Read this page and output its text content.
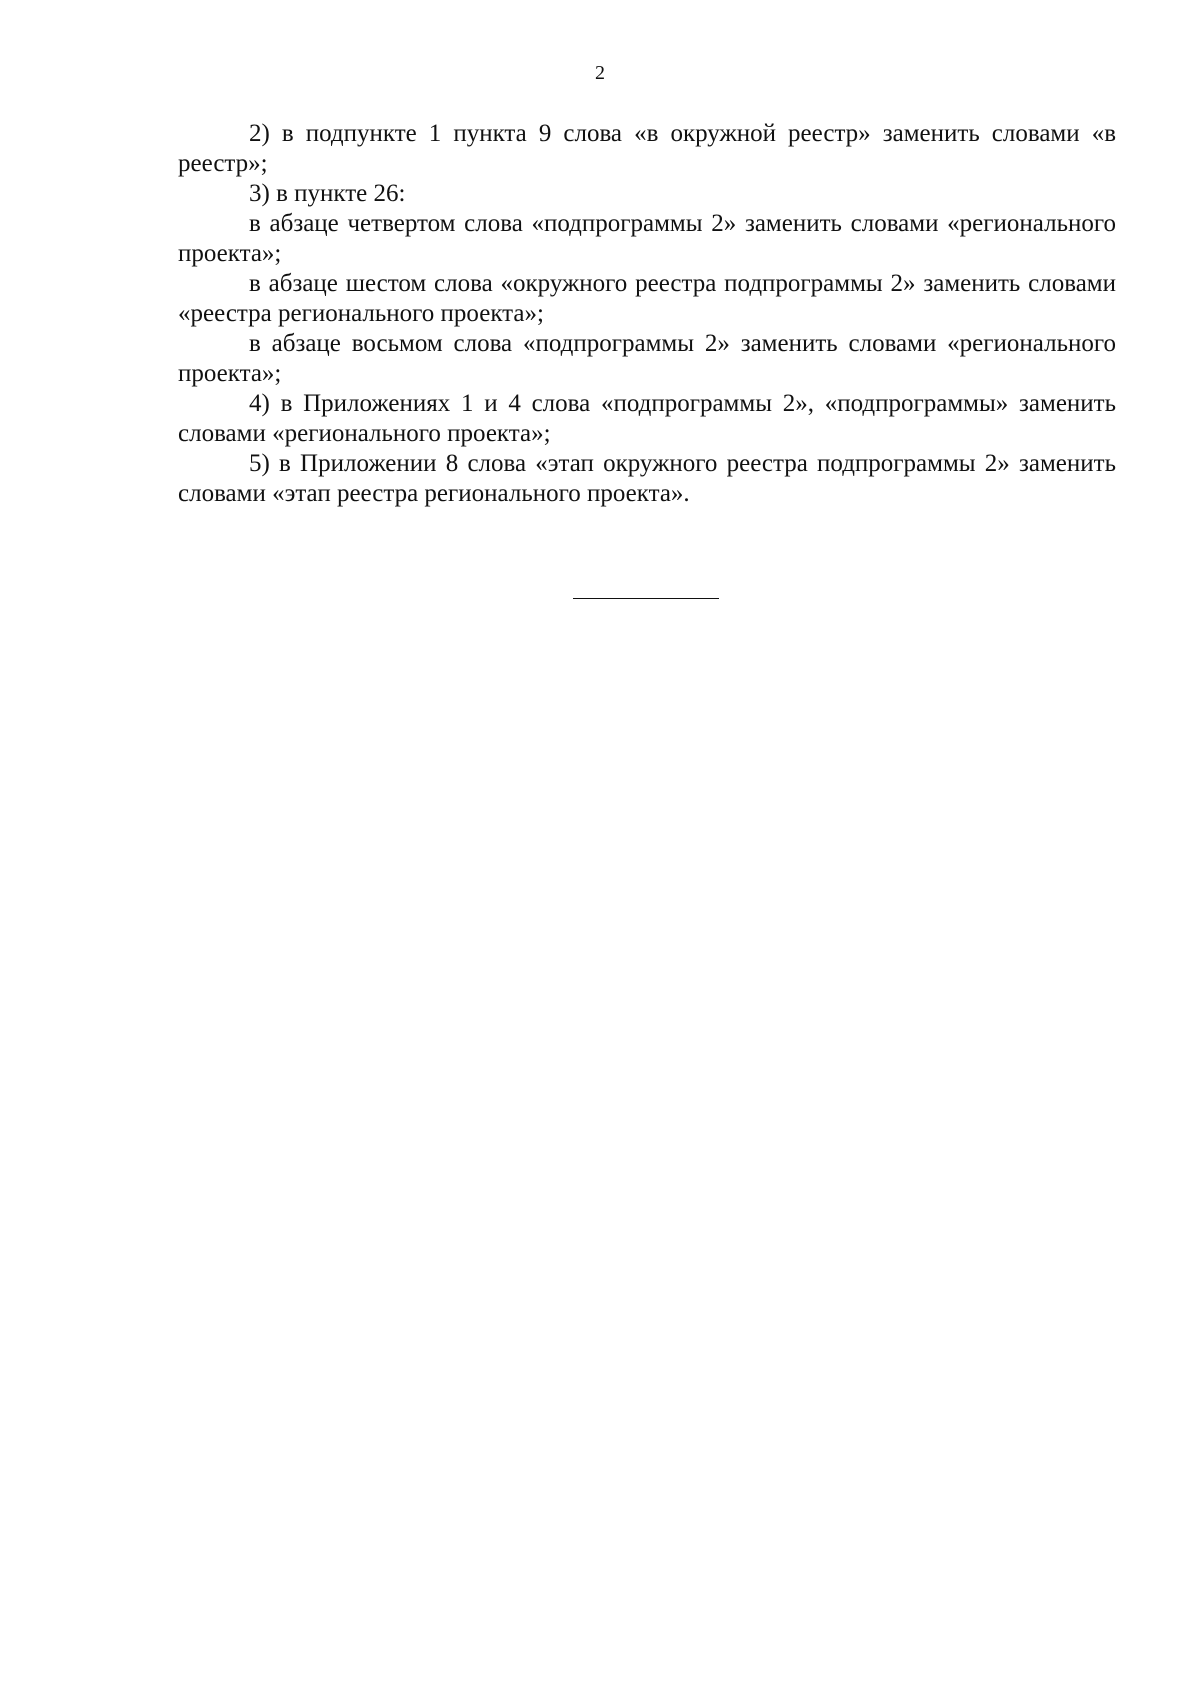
2

2) в подпункте 1 пункта 9 слова «в окружной реестр» заменить словами «в реестр»;

3) в пункте 26:

в абзаце четвертом слова «подпрограммы 2» заменить словами «регионального проекта»;

в абзаце шестом слова «окружного реестра подпрограммы 2» заменить словами «реестра регионального проекта»;

в абзаце восьмом слова «подпрограммы 2» заменить словами «регионального проекта»;

4) в Приложениях 1 и 4 слова «подпрограммы 2», «подпрограммы» заменить словами «регионального проекта»;

5) в Приложении 8 слова «этап окружного реестра подпрограммы 2» заменить словами «этап реестра регионального проекта».
